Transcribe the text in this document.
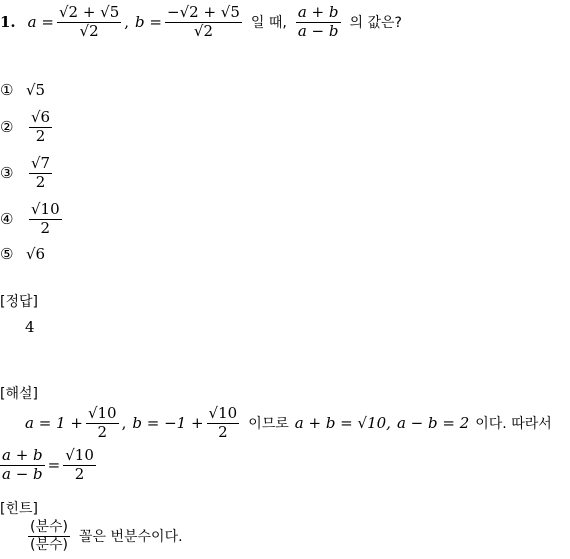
1. $a = \frac{√2 + √5}{√2}$ , $b = \frac{-√2 + √5}{√2}$ 일 때, $\frac{a + b}{a - b}$ 의 값은?
① √5
②	$\frac{√6}{2}$
③	$\frac{√7}{2}$
④	$\frac{√10}{2}$
⑤ √6
[정답]
4
[해설]
$a = 1 + \frac{√10}{2}$ , $b = -1 + \frac{√10}{2}$ 이므로 a + b = √10, a − b = 2 이다. 따라서
$\frac{a + b}{a - b} = \frac{√10}{2}$
[힌트]
$\frac{\text{(분수)}}{\text{(분수)}}$ 꼴은 번분수이다.
